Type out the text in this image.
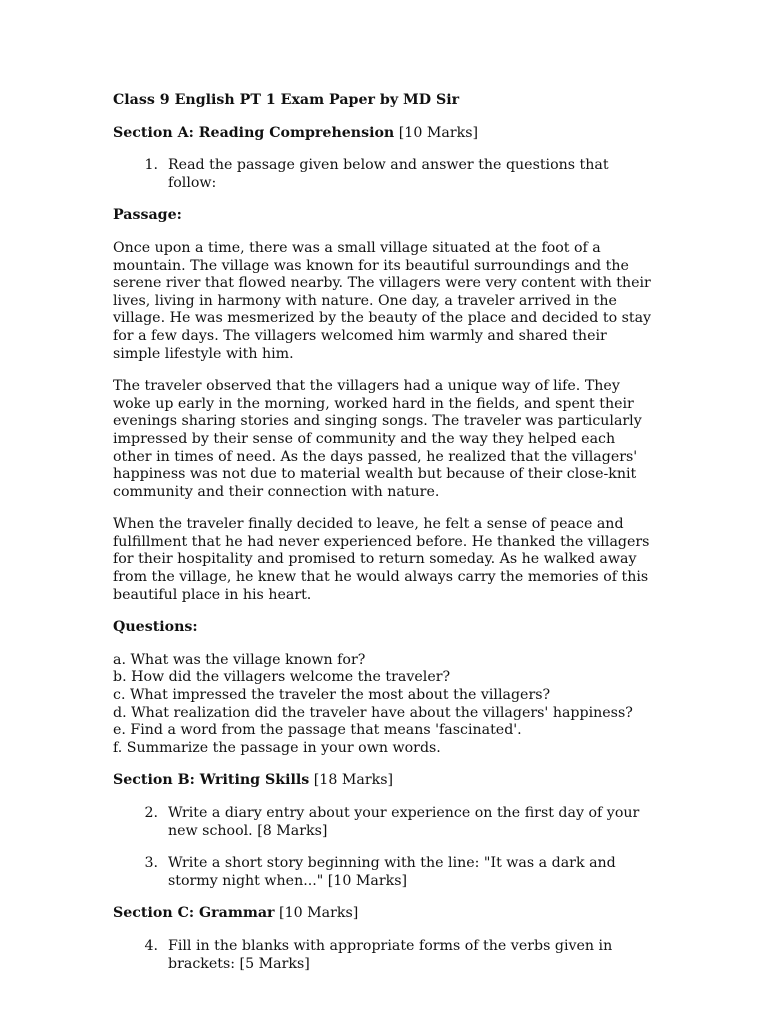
Class 9 English PT 1 Exam Paper by MD Sir
Section A: Reading Comprehension [10 Marks]
1. Read the passage given below and answer the questions that follow:
Passage:
Once upon a time, there was a small village situated at the foot of a mountain. The village was known for its beautiful surroundings and the serene river that flowed nearby. The villagers were very content with their lives, living in harmony with nature. One day, a traveler arrived in the village. He was mesmerized by the beauty of the place and decided to stay for a few days. The villagers welcomed him warmly and shared their simple lifestyle with him.
The traveler observed that the villagers had a unique way of life. They woke up early in the morning, worked hard in the fields, and spent their evenings sharing stories and singing songs. The traveler was particularly impressed by their sense of community and the way they helped each other in times of need. As the days passed, he realized that the villagers' happiness was not due to material wealth but because of their close-knit community and their connection with nature.
When the traveler finally decided to leave, he felt a sense of peace and fulfillment that he had never experienced before. He thanked the villagers for their hospitality and promised to return someday. As he walked away from the village, he knew that he would always carry the memories of this beautiful place in his heart.
Questions:
a. What was the village known for?
b. How did the villagers welcome the traveler?
c. What impressed the traveler the most about the villagers?
d. What realization did the traveler have about the villagers' happiness?
e. Find a word from the passage that means 'fascinated'.
f. Summarize the passage in your own words.
Section B: Writing Skills [18 Marks]
2. Write a diary entry about your experience on the first day of your new school. [8 Marks]
3. Write a short story beginning with the line: "It was a dark and stormy night when..." [10 Marks]
Section C: Grammar [10 Marks]
4. Fill in the blanks with appropriate forms of the verbs given in brackets: [5 Marks]
